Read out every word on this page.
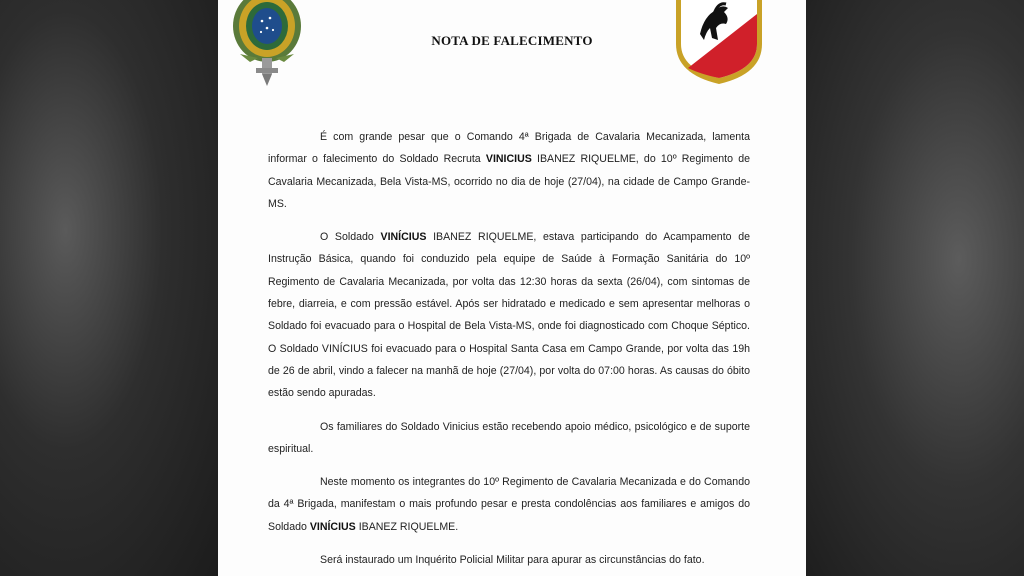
NOTA DE FALECIMENTO

É com grande pesar que o Comando 4ª Brigada de Cavalaria Mecanizada, lamenta informar o falecimento do Soldado Recruta VINICIUS IBANEZ RIQUELME, do 10º Regimento de Cavalaria Mecanizada, Bela Vista-MS, ocorrido no dia de hoje (27/04), na cidade de Campo Grande-MS.

O Soldado VINÍCIUS IBANEZ RIQUELME, estava participando do Acampamento de Instrução Básica, quando foi conduzido pela equipe de Saúde à Formação Sanitária do 10º Regimento de Cavalaria Mecanizada, por volta das 12:30 horas da sexta (26/04), com sintomas de febre, diarreia, e com pressão estável. Após ser hidratado e medicado e sem apresentar melhoras o Soldado foi evacuado para o Hospital de Bela Vista-MS, onde foi diagnosticado com Choque Séptico. O Soldado VINÍCIUS foi evacuado para o Hospital Santa Casa em Campo Grande, por volta das 19h de 26 de abril, vindo a falecer na manhã de hoje (27/04), por volta do 07:00 horas. As causas do óbito estão sendo apuradas.

Os familiares do Soldado Vinicius estão recebendo apoio médico, psicológico e de suporte espiritual.

Neste momento os integrantes do 10º Regimento de Cavalaria Mecanizada e do Comando da 4ª Brigada, manifestam o mais profundo pesar e presta condolências aos familiares e amigos do Soldado VINÍCIUS IBANEZ RIQUELME.

Será instaurado um Inquérito Policial Militar para apurar as circunstâncias do fato.
